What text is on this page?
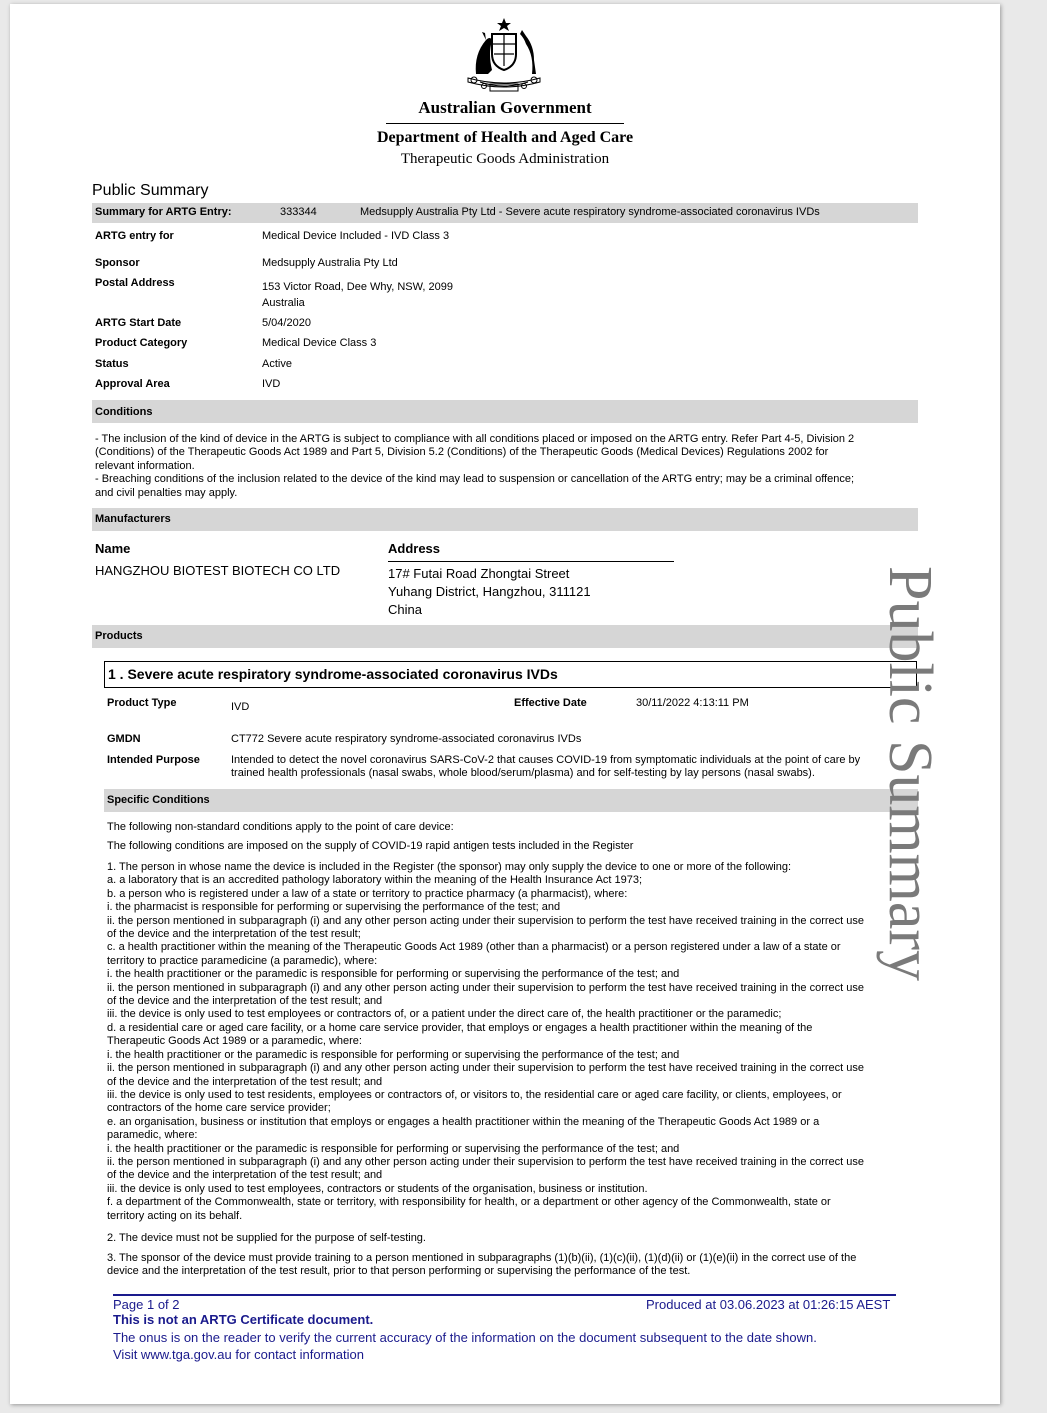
Australian Government
Department of Health and Aged Care
Therapeutic Goods Administration
Public Summary
Summary for ARTG Entry:	333344	Medsupply Australia Pty Ltd - Severe acute respiratory syndrome-associated coronavirus IVDs
ARTG entry for	Medical Device Included - IVD Class 3
Sponsor	Medsupply Australia Pty Ltd
Postal Address	153 Victor Road, Dee Why, NSW, 2099
Australia
ARTG Start Date	5/04/2020
Product Category	Medical Device Class 3
Status	Active
Approval Area	IVD
Conditions
- The inclusion of the kind of device in the ARTG is subject to compliance with all conditions placed or imposed on the ARTG entry. Refer Part 4-5, Division 2
(Conditions) of the Therapeutic Goods Act 1989 and Part 5, Division 5.2 (Conditions) of the Therapeutic Goods (Medical Devices) Regulations 2002 for
relevant information.
- Breaching conditions of the inclusion related to the device of the kind may lead to suspension or cancellation of the ARTG entry; may be a criminal offence;
and civil penalties may apply.
Manufacturers
Name	Address
HANGZHOU BIOTEST BIOTECH CO LTD	17# Futai Road Zhongtai Street
Yuhang District, Hangzhou, 311121
China
Products
1 . Severe acute respiratory syndrome-associated coronavirus IVDs
Product Type	IVD	Effective Date	30/11/2022 4:13:11 PM
GMDN	CT772 Severe acute respiratory syndrome-associated coronavirus IVDs
Intended Purpose	Intended to detect the novel coronavirus SARS-CoV-2 that causes COVID-19 from symptomatic individuals at the point of care by
trained health professionals (nasal swabs, whole blood/serum/plasma) and for self-testing by lay persons (nasal swabs).
Specific Conditions
The following non-standard conditions apply to the point of care device:
The following conditions are imposed on the supply of COVID-19 rapid antigen tests included in the Register
1. The person in whose name the device is included in the Register (the sponsor) may only supply the device to one or more of the following:
a. a laboratory that is an accredited pathology laboratory within the meaning of the Health Insurance Act 1973;
b. a person who is registered under a law of a state or territory to practice pharmacy (a pharmacist), where:
i. the pharmacist is responsible for performing or supervising the performance of the test; and
ii. the person mentioned in subparagraph (i) and any other person acting under their supervision to perform the test have received training in the correct use
of the device and the interpretation of the test result;
c. a health practitioner within the meaning of the Therapeutic Goods Act 1989 (other than a pharmacist) or a person registered under a law of a state or
territory to practice paramedicine (a paramedic), where:
i. the health practitioner or the paramedic is responsible for performing or supervising the performance of the test; and
ii. the person mentioned in subparagraph (i) and any other person acting under their supervision to perform the test have received training in the correct use
of the device and the interpretation of the test result; and
iii. the device is only used to test employees or contractors of, or a patient under the direct care of, the health practitioner or the paramedic;
d. a residential care or aged care facility, or a home care service provider, that employs or engages a health practitioner within the meaning of the
Therapeutic Goods Act 1989 or a paramedic, where:
i. the health practitioner or the paramedic is responsible for performing or supervising the performance of the test; and
ii. the person mentioned in subparagraph (i) and any other person acting under their supervision to perform the test have received training in the correct use
of the device and the interpretation of the test result; and
iii. the device is only used to test residents, employees or contractors of, or visitors to, the residential care or aged care facility, or clients, employees, or
contractors of the home care service provider;
e. an organisation, business or institution that employs or engages a health practitioner within the meaning of the Therapeutic Goods Act 1989 or a
paramedic, where:
i. the health practitioner or the paramedic is responsible for performing or supervising the performance of the test; and
ii. the person mentioned in subparagraph (i) and any other person acting under their supervision to perform the test have received training in the correct use
of the device and the interpretation of the test result; and
iii. the device is only used to test employees, contractors or students of the organisation, business or institution.
f. a department of the Commonwealth, state or territory, with responsibility for health, or a department or other agency of the Commonwealth, state or
territory acting on its behalf.
2. The device must not be supplied for the purpose of self-testing.
3. The sponsor of the device must provide training to a person mentioned in subparagraphs (1)(b)(ii), (1)(c)(ii), (1)(d)(ii) or (1)(e)(ii) in the correct use of the
device and the interpretation of the test result, prior to that person performing or supervising the performance of the test.
Page 1 of 2	Produced at 03.06.2023 at 01:26:15 AEST
This is not an ARTG Certificate document.
The onus is on the reader to verify the current accuracy of the information on the document subsequent to the date shown.
Visit www.tga.gov.au for contact information
Public Summary
